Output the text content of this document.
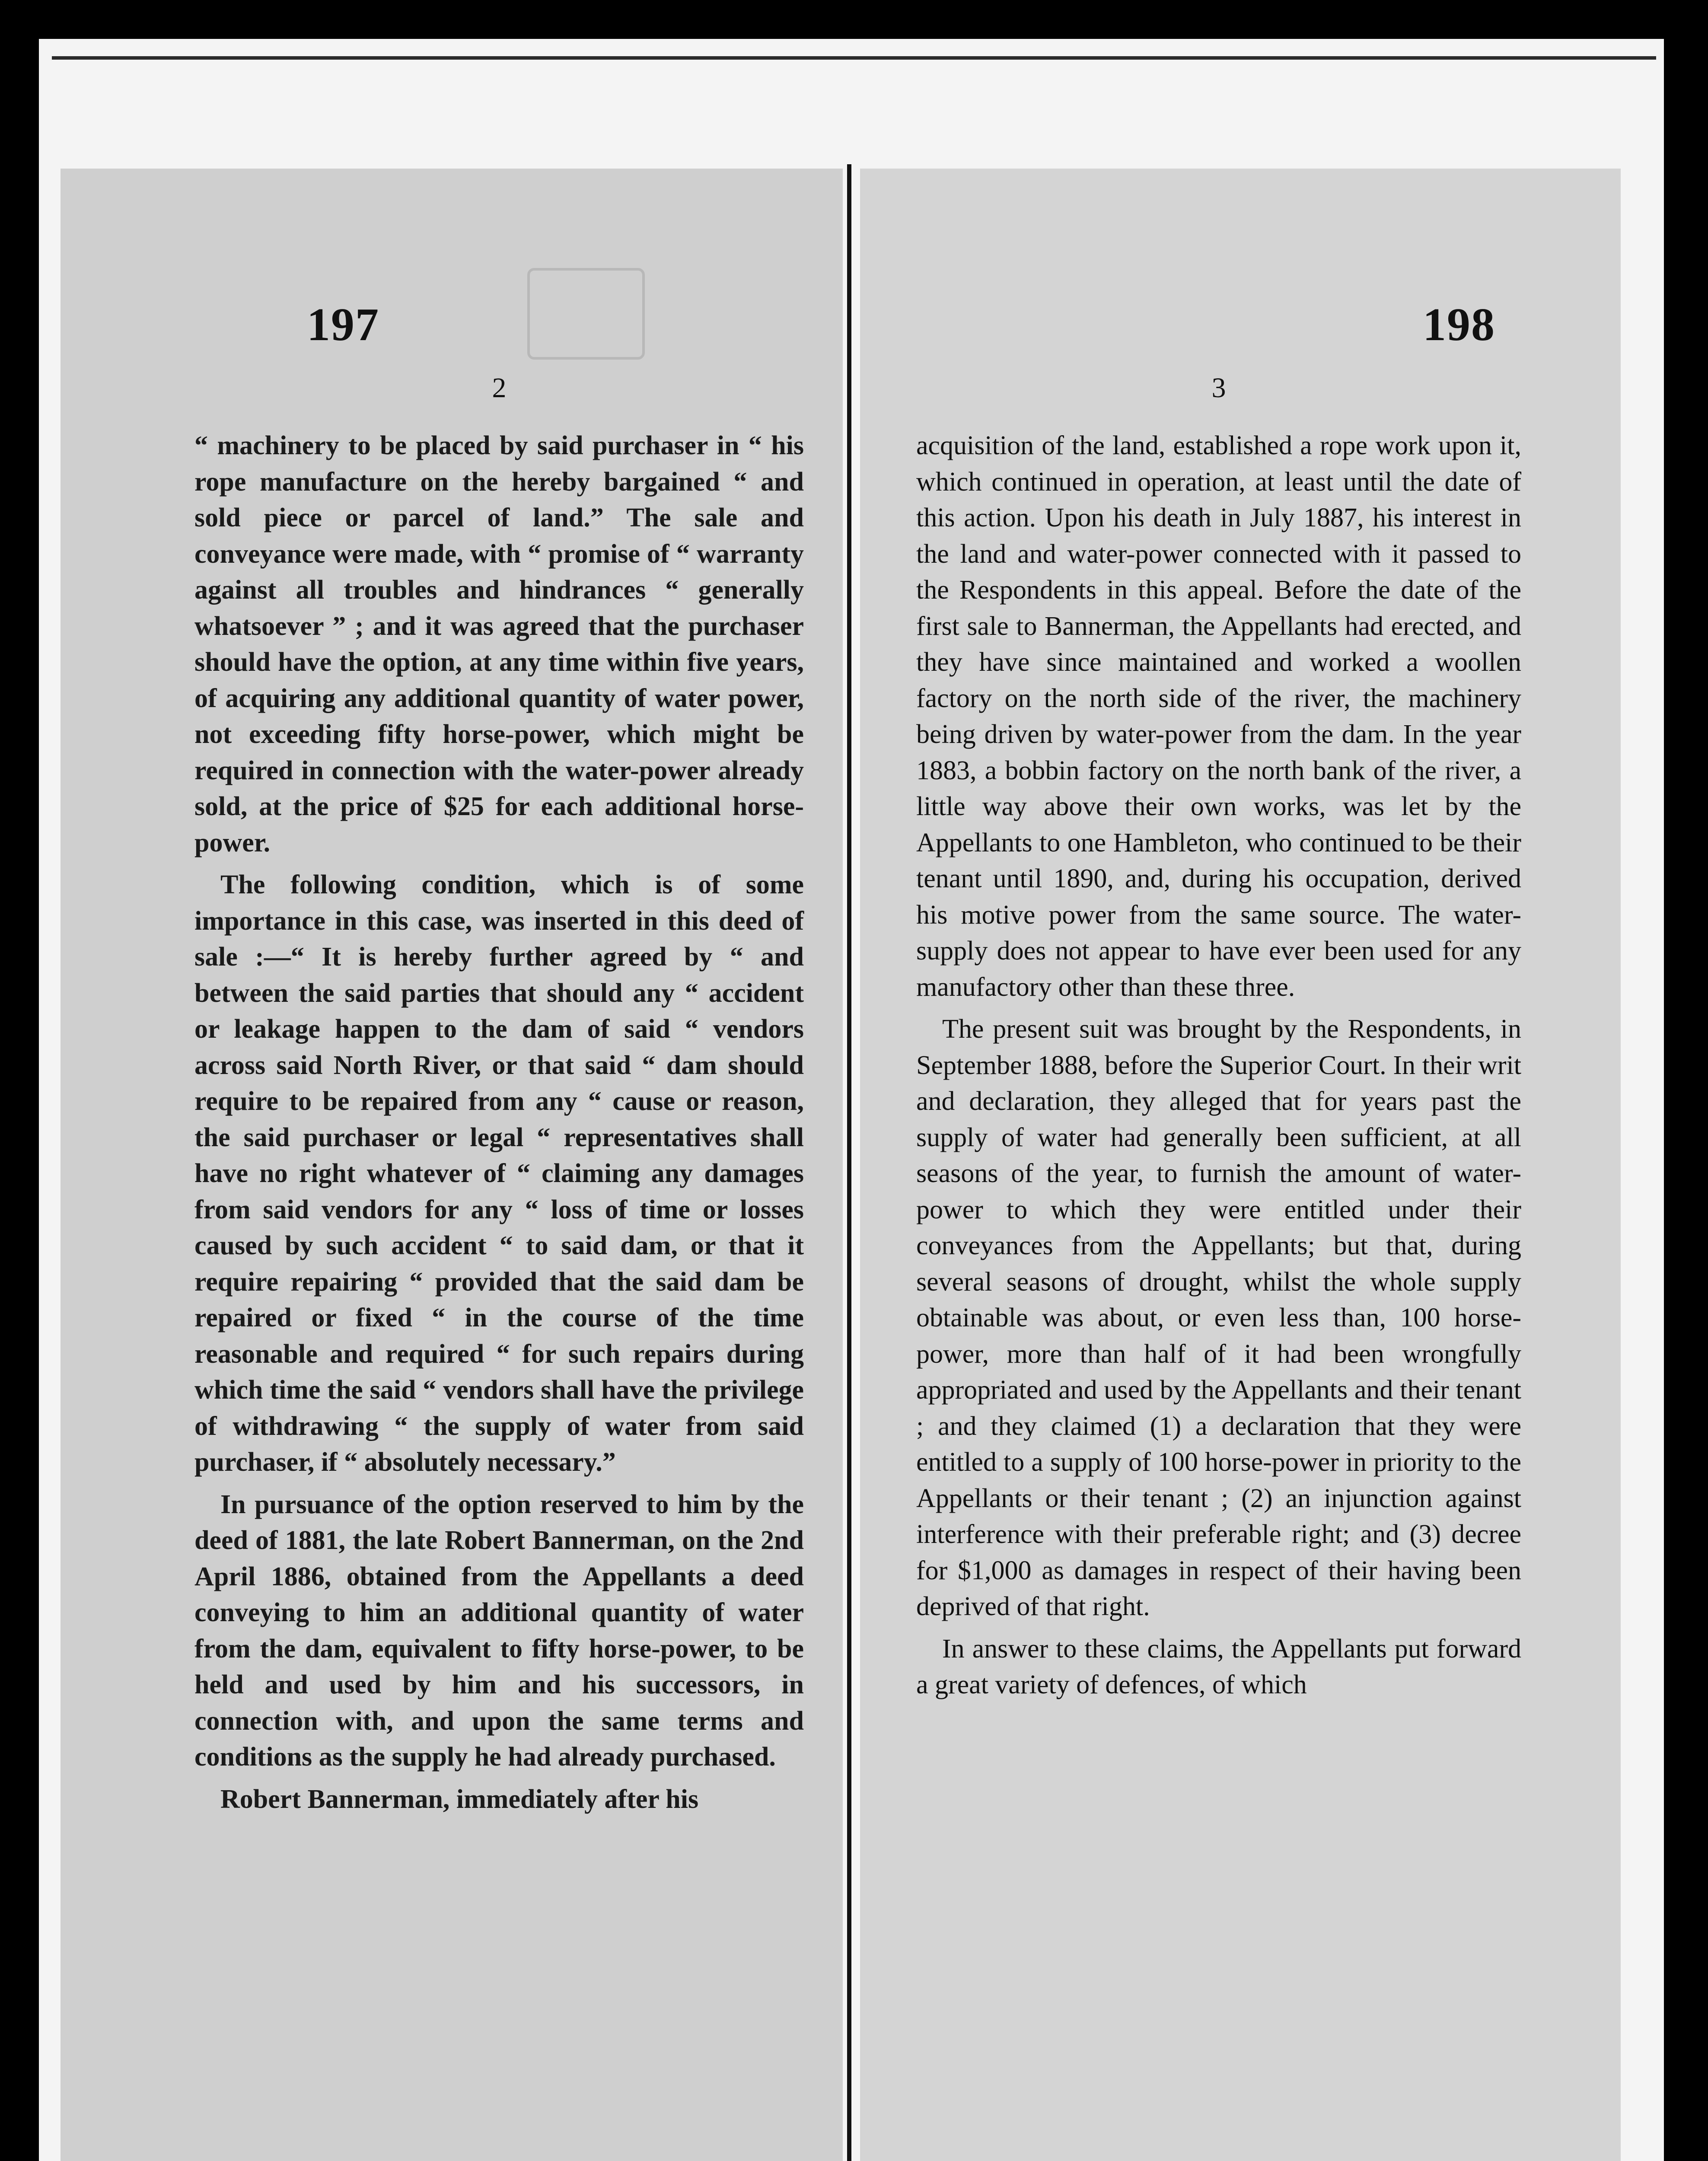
197
2

“ machinery to be placed by said purchaser in “ his rope manufacture on the hereby bargained “ and sold piece or parcel of land.” The sale and conveyance were made, with “ promise of “ warranty against all troubles and hindrances “ generally whatsoever ” ; and it was agreed that the purchaser should have the option, at any time within five years, of acquiring any additional quantity of water power, not exceeding fifty horse-power, which might be required in connection with the water-power already sold, at the price of $25 for each additional horse-power.

The following condition, which is of some importance in this case, was inserted in this deed of sale :—“ It is hereby further agreed by “ and between the said parties that should any “ accident or leakage happen to the dam of said “ vendors across said North River, or that said “ dam should require to be repaired from any “ cause or reason, the said purchaser or legal “ representatives shall have no right whatever of “ claiming any damages from said vendors for any “ loss of time or losses caused by such accident “ to said dam, or that it require repairing “ provided that the said dam be repaired or fixed “ in the course of the time reasonable and required “ for such repairs during which time the said “ vendors shall have the privilege of withdrawing “ the supply of water from said purchaser, if “ absolutely necessary.”

In pursuance of the option reserved to him by the deed of 1881, the late Robert Bannerman, on the 2nd April 1886, obtained from the Appellants a deed conveying to him an additional quantity of water from the dam, equivalent to fifty horse-power, to be held and used by him and his successors, in connection with, and upon the same terms and conditions as the supply he had already purchased.

Robert Bannerman, immediately after his

198
3

acquisition of the land, established a rope work upon it, which continued in operation, at least until the date of this action. Upon his death in July 1887, his interest in the land and water-power connected with it passed to the Respondents in this appeal. Before the date of the first sale to Bannerman, the Appellants had erected, and they have since maintained and worked a woollen factory on the north side of the river, the machinery being driven by water-power from the dam. In the year 1883, a bobbin factory on the north bank of the river, a little way above their own works, was let by the Appellants to one Hambleton, who continued to be their tenant until 1890, and, during his occupation, derived his motive power from the same source. The water-supply does not appear to have ever been used for any manufactory other than these three.

The present suit was brought by the Respondents, in September 1888, before the Superior Court. In their writ and declaration, they alleged that for years past the supply of water had generally been sufficient, at all seasons of the year, to furnish the amount of water-power to which they were entitled under their conveyances from the Appellants; but that, during several seasons of drought, whilst the whole supply obtainable was about, or even less than, 100 horse-power, more than half of it had been wrongfully appropriated and used by the Appellants and their tenant ; and they claimed (1) a declaration that they were entitled to a supply of 100 horse-power in priority to the Appellants or their tenant ; (2) an injunction against interference with their preferable right; and (3) decree for $1,000 as damages in respect of their having been deprived of that right.

In answer to these claims, the Appellants put forward a great variety of defences, of which
